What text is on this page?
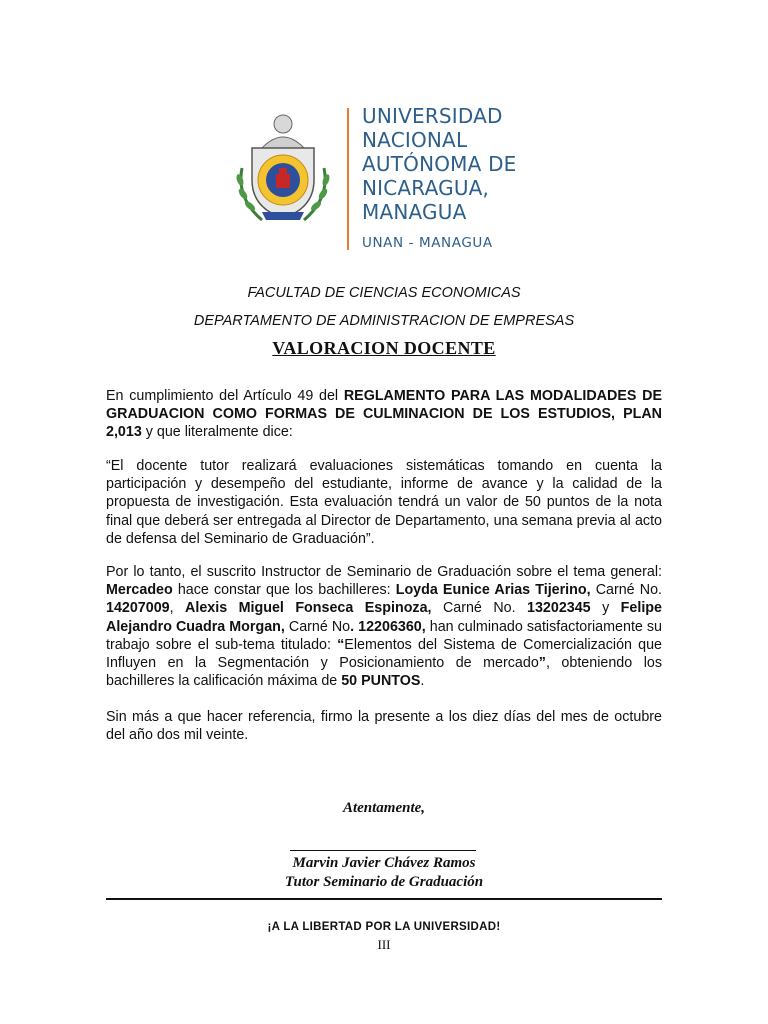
UNIVERSIDAD
NACIONAL
AUTÓNOMA DE
NICARAGUA,
MANAGUA
UNAN - MANAGUA
FACULTAD DE CIENCIAS ECONOMICAS
DEPARTAMENTO DE ADMINISTRACION DE EMPRESAS
VALORACION DOCENTE
En cumplimiento del Artículo 49 del REGLAMENTO PARA LAS MODALIDADES DE GRADUACION COMO FORMAS DE CULMINACION DE LOS ESTUDIOS, PLAN 2,013 y que literalmente dice:
“El docente tutor realizará evaluaciones sistemáticas tomando en cuenta la participación y desempeño del estudiante, informe de avance y la calidad de la propuesta de investigación. Esta evaluación tendrá un valor de 50 puntos de la nota final que deberá ser entregada al Director de Departamento, una semana previa al acto de defensa del Seminario de Graduación”.
Por lo tanto, el suscrito Instructor de Seminario de Graduación sobre el tema general: Mercadeo hace constar que los bachilleres: Loyda Eunice Arias Tijerino, Carné No. 14207009, Alexis Miguel Fonseca Espinoza, Carné No. 13202345 y Felipe Alejandro Cuadra Morgan, Carné No. 12206360, han culminado satisfactoriamente su trabajo sobre el sub-tema titulado: “Elementos del Sistema de Comercialización que Influyen en la Segmentación y Posicionamiento de mercado”, obteniendo los bachilleres la calificación máxima de 50 PUNTOS.
Sin más a que hacer referencia, firmo la presente a los diez días del mes de octubre del año dos mil veinte.
Atentamente,
Marvin Javier Chávez Ramos
Tutor Seminario de Graduación
¡A LA LIBERTAD POR LA UNIVERSIDAD!
III
